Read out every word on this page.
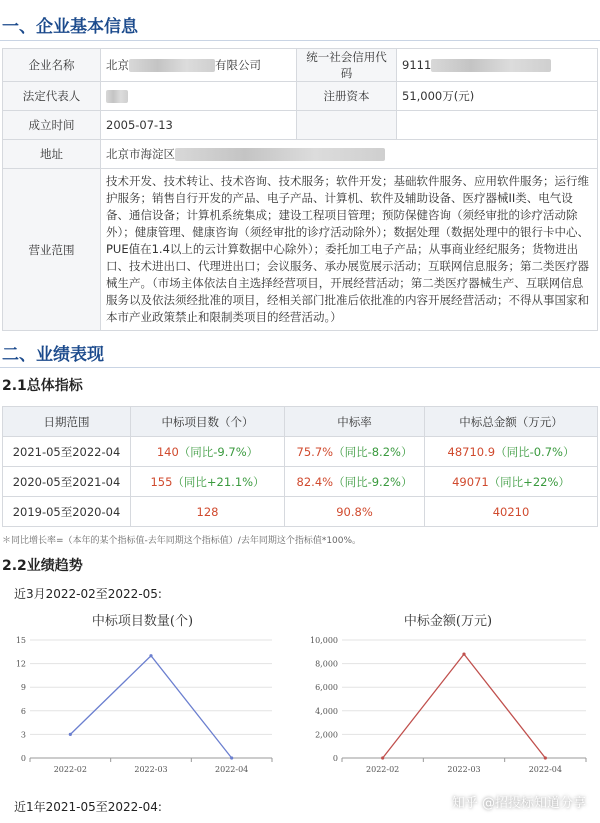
一、企业基本信息
企业名称	北京 有限公司	统一社会信用代码	9111
法定代表人		注册资本	51,000万(元)
成立时间	2005-07-13		
地址	北京市海淀区		
营业范围	技术开发、技术转让、技术咨询、技术服务；软件开发；基础软件服务、应用软件服务；运行维护服务；销售自行开发的产品、电子产品、计算机、软件及辅助设备、医疗器械II类、电气设备、通信设备；计算机系统集成；建设工程项目管理；预防保健咨询（须经审批的诊疗活动除外）；健康管理、健康咨询（须经审批的诊疗活动除外）；数据处理（数据处理中的银行卡中心、PUE值在1.4以上的云计算数据中心除外）；委托加工电子产品；从事商业经纪服务；货物进出口、技术进出口、代理进出口；会议服务、承办展览展示活动；互联网信息服务；第二类医疗器械生产。（市场主体依法自主选择经营项目，开展经营活动；第二类医疗器械生产、互联网信息服务以及依法须经批准的项目，经相关部门批准后依批准的内容开展经营活动；不得从事国家和本市产业政策禁止和限制类项目的经营活动。）		
二、业绩表现
2.1总体指标
日期范围	中标项目数（个）	中标率	中标总金额（万元）
2021-05至2022-04	140（同比-9.7%）	75.7%（同比-8.2%）	48710.9（同比-0.7%）
2020-05至2021-04	155（同比+21.1%）	82.4%（同比-9.2%）	49071（同比+22%）
2019-05至2020-04	128	90.8%	40210
＊同比增长率=（本年的某个指标值-去年同期这个指标值）/去年同期这个指标值*100%。
2.2业绩趋势
近3月2022-02至2022-05:
中标项目数量(个)
0
3
6
9
12
15
2022-02	2022-03	2022-04
中标金额(万元)
0
2,000
4,000
6,000
8,000
10,000
2022-02	2022-03	2022-04
近1年2021-05至2022-04:	知乎 @招投标知道分享
